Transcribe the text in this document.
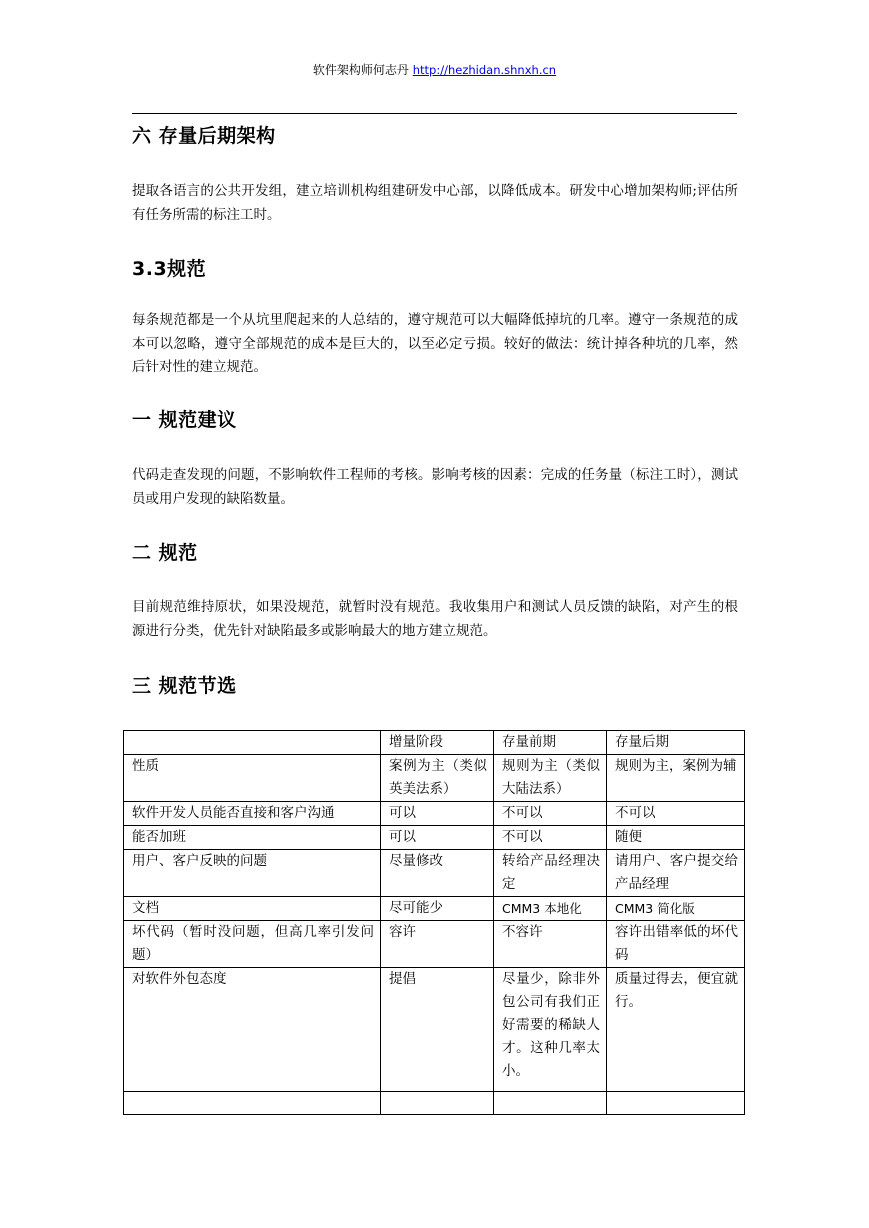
软件架构师何志丹 http://hezhidan.shnxh.cn
六 存量后期架构
提取各语言的公共开发组，建立培训机构组建研发中心部，以降低成本。研发中心增加架构师;评估所有任务所需的标注工时。
3.3规范
每条规范都是一个从坑里爬起来的人总结的，遵守规范可以大幅降低掉坑的几率。遵守一条规范的成本可以忽略，遵守全部规范的成本是巨大的，以至必定亏损。较好的做法：统计掉各种坑的几率，然后针对性的建立规范。
一 规范建议
代码走查发现的问题，不影响软件工程师的考核。影响考核的因素：完成的任务量（标注工时），测试员或用户发现的缺陷数量。
二 规范
目前规范维持原状，如果没规范，就暂时没有规范。我收集用户和测试人员反馈的缺陷，对产生的根源进行分类，优先针对缺陷最多或影响最大的地方建立规范。
三 规范节选
	增量阶段	存量前期	存量后期
性质	案例为主（类似英美法系）	规则为主（类似大陆法系）	规则为主，案例为辅
软件开发人员能否直接和客户沟通	可以	不可以	不可以
能否加班	可以	不可以	随便
用户、客户反映的问题	尽量修改	转给产品经理决定	请用户、客户提交给产品经理
文档	尽可能少	CMM3 本地化	CMM3 简化版
坏代码（暂时没问题，但高几率引发问题）	容许	不容许	容许出错率低的坏代码
对软件外包态度	提倡	尽量少，除非外包公司有我们正好需要的稀缺人才。这种几率太小。	质量过得去，便宜就行。
